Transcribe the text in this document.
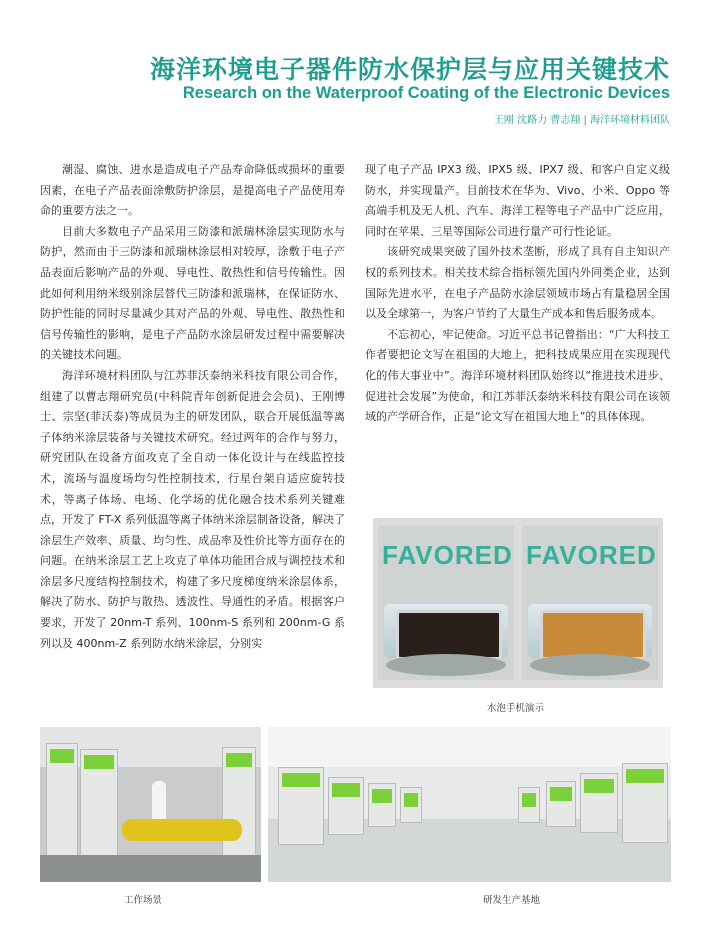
海洋环境电子器件防水保护层与应用关键技术
Research on the Waterproof Coating of the Electronic Devices
王刚 沈路力 曹志翔 | 海洋环境材料团队

潮湿、腐蚀、进水是造成电子产品寿命降低或损坏的重要因素，在电子产品表面涂敷防护涂层，是提高电子产品使用寿命的重要方法之一。

目前大多数电子产品采用三防漆和派瑞林涂层实现防水与防护，然而由于三防漆和派瑞林涂层相对较厚，涂敷于电子产品表面后影响产品的外观、导电性、散热性和信号传输性。因此如何利用纳米级别涂层替代三防漆和派瑞林，在保证防水、防护性能的同时尽量减少其对产品的外观、导电性、散热性和信号传输性的影响，是电子产品防水涂层研发过程中需要解决的关键技术问题。

海洋环境材料团队与江苏菲沃泰纳米科技有限公司合作，组建了以曹志翔研究员(中科院青年创新促进会会员)、王刚博士、宗坚(菲沃泰)等成员为主的研发团队，联合开展低温等离子体纳米涂层装备与关键技术研究。经过两年的合作与努力，研究团队在设备方面攻克了全自动一体化设计与在线监控技术，流场与温度场均匀性控制技术，行星台架自适应旋转技术，等离子体场、电场、化学场的优化融合技术系列关键难点，开发了 FT-X 系列低温等离子体纳米涂层制备设备，解决了涂层生产效率、质量、均匀性、成品率及性价比等方面存在的问题。在纳米涂层工艺上攻克了单体功能团合成与调控技术和涂层多尺度结构控制技术，构建了多尺度梯度纳米涂层体系，解决了防水、防护与散热、透波性、导通性的矛盾。根据客户要求，开发了 20nm-T 系列、100nm-S 系列和 200nm-G 系列以及 400nm-Z 系列防水纳米涂层，分别实

现了电子产品 IPX3 级、IPX5 级、IPX7 级、和客户自定义级防水，并实现量产。目前技术在华为、Vivo、小米、Oppo 等高端手机及无人机、汽车、海洋工程等电子产品中广泛应用，同时在苹果、三星等国际公司进行量产可行性论证。

该研究成果突破了国外技术垄断，形成了具有自主知识产权的系列技术。相关技术综合指标领先国内外同类企业，达到国际先进水平，在电子产品防水涂层领域市场占有量稳居全国以及全球第一，为客户节约了大量生产成本和售后服务成本。

不忘初心，牢记使命。习近平总书记曾指出：“广大科技工作者要把论文写在祖国的大地上，把科技成果应用在实现现代化的伟大事业中”。海洋环境材料团队始终以“推进技术进步、促进社会发展”为使命，和江苏菲沃泰纳米科技有限公司在该领域的产学研合作，正是“论文写在祖国大地上”的具体体现。

FAVORED FAVORED
水泡手机演示
工作场景	研发生产基地
